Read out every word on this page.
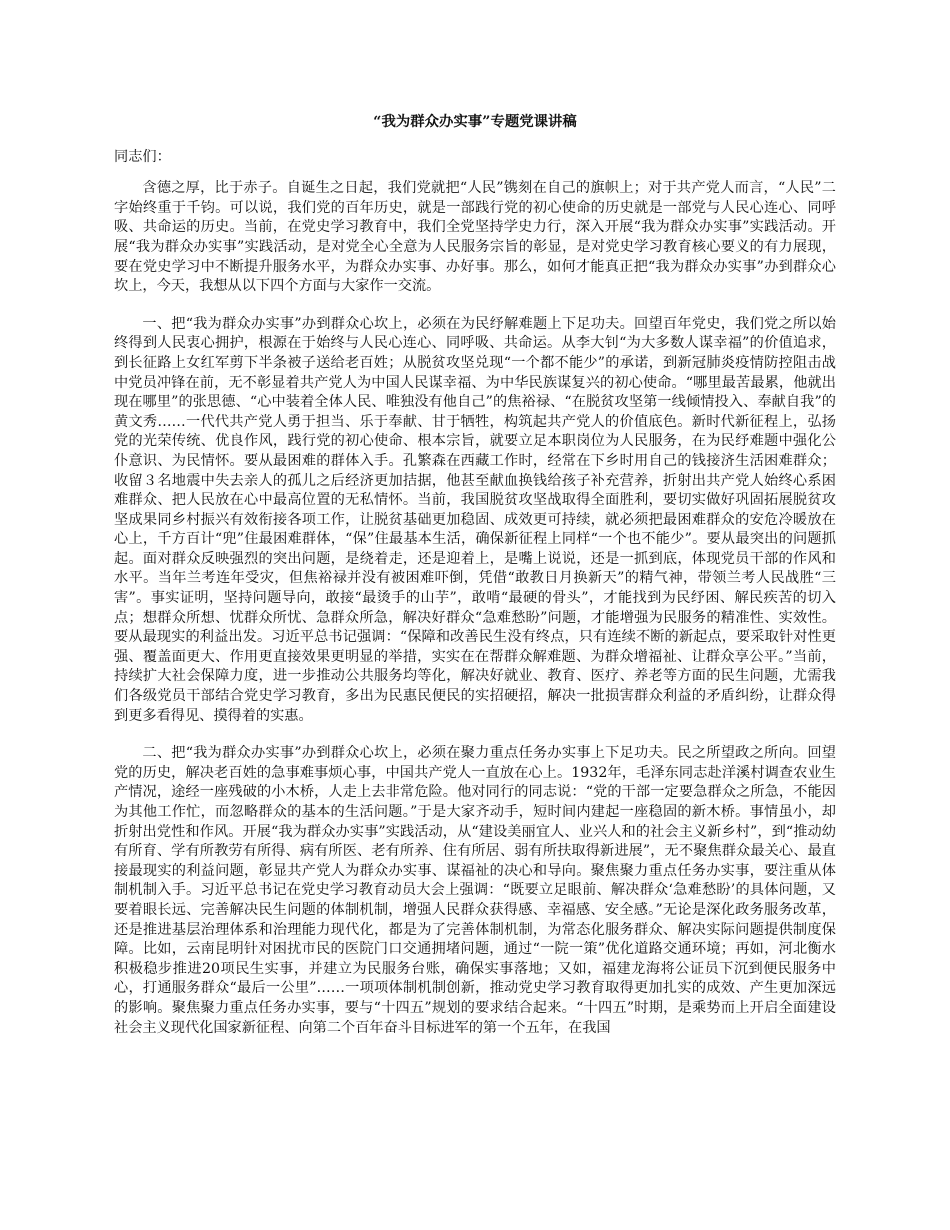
“我为群众办实事”专题党课讲稿
同志们：
含德之厚，比于赤子。自诞生之日起，我们党就把“人民”镌刻在自己的旗帜上；对于共产党人而言，“人民”二字始终重于千钧。可以说，我们党的百年历史，就是一部践行党的初心使命的历史就是一部党与人民心连心、同呼吸、共命运的历史。当前，在党史学习教育中，我们全党坚持学史力行，深入开展“我为群众办实事”实践活动。开展“我为群众办实事”实践活动，是对党全心全意为人民服务宗旨的彰显，是对党史学习教育核心要义的有力展现，要在党史学习中不断提升服务水平，为群众办实事、办好事。那么，如何才能真正把“我为群众办实事”办到群众心坎上，今天，我想从以下四个方面与大家作一交流。
一、把“我为群众办实事”办到群众心坎上，必须在为民纾解难题上下足功夫。回望百年党史，我们党之所以始终得到人民衷心拥护，根源在于始终与人民心连心、同呼吸、共命运。从李大钊“为大多数人谋幸福”的价值追求，到长征路上女红军剪下半条被子送给老百姓；从脱贫攻坚兑现“一个都不能少”的承诺，到新冠肺炎疫情防控阻击战中党员冲锋在前，无不彰显着共产党人为中国人民谋幸福、为中华民族谋复兴的初心使命。“哪里最苦最累，他就出现在哪里”的张思德、“心中装着全体人民、唯独没有他自己”的焦裕禄、“在脱贫攻坚第一线倾情投入、奉献自我”的黄文秀……一代代共产党人勇于担当、乐于奉献、甘于牺牲，构筑起共产党人的价值底色。新时代新征程上，弘扬党的光荣传统、优良作风，践行党的初心使命、根本宗旨，就要立足本职岗位为人民服务，在为民纾难题中强化公仆意识、为民情怀。要从最困难的群体入手。孔繁森在西藏工作时，经常在下乡时用自己的钱接济生活困难群众；收留３名地震中失去亲人的孤儿之后经济更加拮据，他甚至献血换钱给孩子补充营养，折射出共产党人始终心系困难群众、把人民放在心中最高位置的无私情怀。当前，我国脱贫攻坚战取得全面胜利，要切实做好巩固拓展脱贫攻坚成果同乡村振兴有效衔接各项工作，让脱贫基础更加稳固、成效更可持续，就必须把最困难群众的安危冷暖放在心上，千方百计“兜”住最困难群体，“保”住最基本生活，确保新征程上同样“一个也不能少”。要从最突出的问题抓起。面对群众反映强烈的突出问题，是绕着走，还是迎着上，是嘴上说说，还是一抓到底，体现党员干部的作风和水平。当年兰考连年受灾，但焦裕禄并没有被困难吓倒，凭借“敢教日月换新天”的精气神，带领兰考人民战胜“三害”。事实证明，坚持问题导向，敢接“最烫手的山芋”，敢啃“最硬的骨头”，才能找到为民纾困、解民疾苦的切入点；想群众所想、忧群众所忧、急群众所急，解决好群众“急难愁盼”问题，才能增强为民服务的精准性、实效性。要从最现实的利益出发。习近平总书记强调：“保障和改善民生没有终点，只有连续不断的新起点，要采取针对性更强、覆盖面更大、作用更直接效果更明显的举措，实实在在帮群众解难题、为群众增福祉、让群众享公平。”当前，持续扩大社会保障力度，进一步推动公共服务均等化，解决好就业、教育、医疗、养老等方面的民生问题，尤需我们各级党员干部结合党史学习教育，多出为民惠民便民的实招硬招，解决一批损害群众利益的矛盾纠纷，让群众得到更多看得见、摸得着的实惠。
二、把“我为群众办实事”办到群众心坎上，必须在聚力重点任务办实事上下足功夫。民之所望政之所向。回望党的历史，解决老百姓的急事难事烦心事，中国共产党人一直放在心上。1932年，毛泽东同志赴洋溪村调查农业生产情况，途经一座残破的小木桥，人走上去非常危险。他对同行的同志说：“党的干部一定要急群众之所急，不能因为其他工作忙，而忽略群众的基本的生活问题。”于是大家齐动手，短时间内建起一座稳固的新木桥。事情虽小，却折射出党性和作风。开展“我为群众办实事”实践活动，从“建设美丽宜人、业兴人和的社会主义新乡村”，到“推动幼有所育、学有所教劳有所得、病有所医、老有所养、住有所居、弱有所扶取得新进展”，无不聚焦群众最关心、最直接最现实的利益问题，彰显共产党人为群众办实事、谋福祉的决心和导向。聚焦聚力重点任务办实事，要注重从体制机制入手。习近平总书记在党史学习教育动员大会上强调：“既要立足眼前、解决群众‘急难愁盼’的具体问题，又要着眼长远、完善解决民生问题的体制机制，增强人民群众获得感、幸福感、安全感。”无论是深化政务服务改革，还是推进基层治理体系和治理能力现代化，都是为了完善体制机制，为常态化服务群众、解决实际问题提供制度保障。比如，云南昆明针对困扰市民的医院门口交通拥堵问题，通过“一院一策”优化道路交通环境；再如，河北衡水积极稳步推进20项民生实事，并建立为民服务台账，确保实事落地；又如，福建龙海将公证员下沉到便民服务中心，打通服务群众“最后一公里”……一项项体制机制创新，推动党史学习教育取得更加扎实的成效、产生更加深远的影响。聚焦聚力重点任务办实事，要与“十四五”规划的要求结合起来。“十四五”时期，是乘势而上开启全面建设社会主义现代化国家新征程、向第二个百年奋斗目标进军的第一个五年，在我国
